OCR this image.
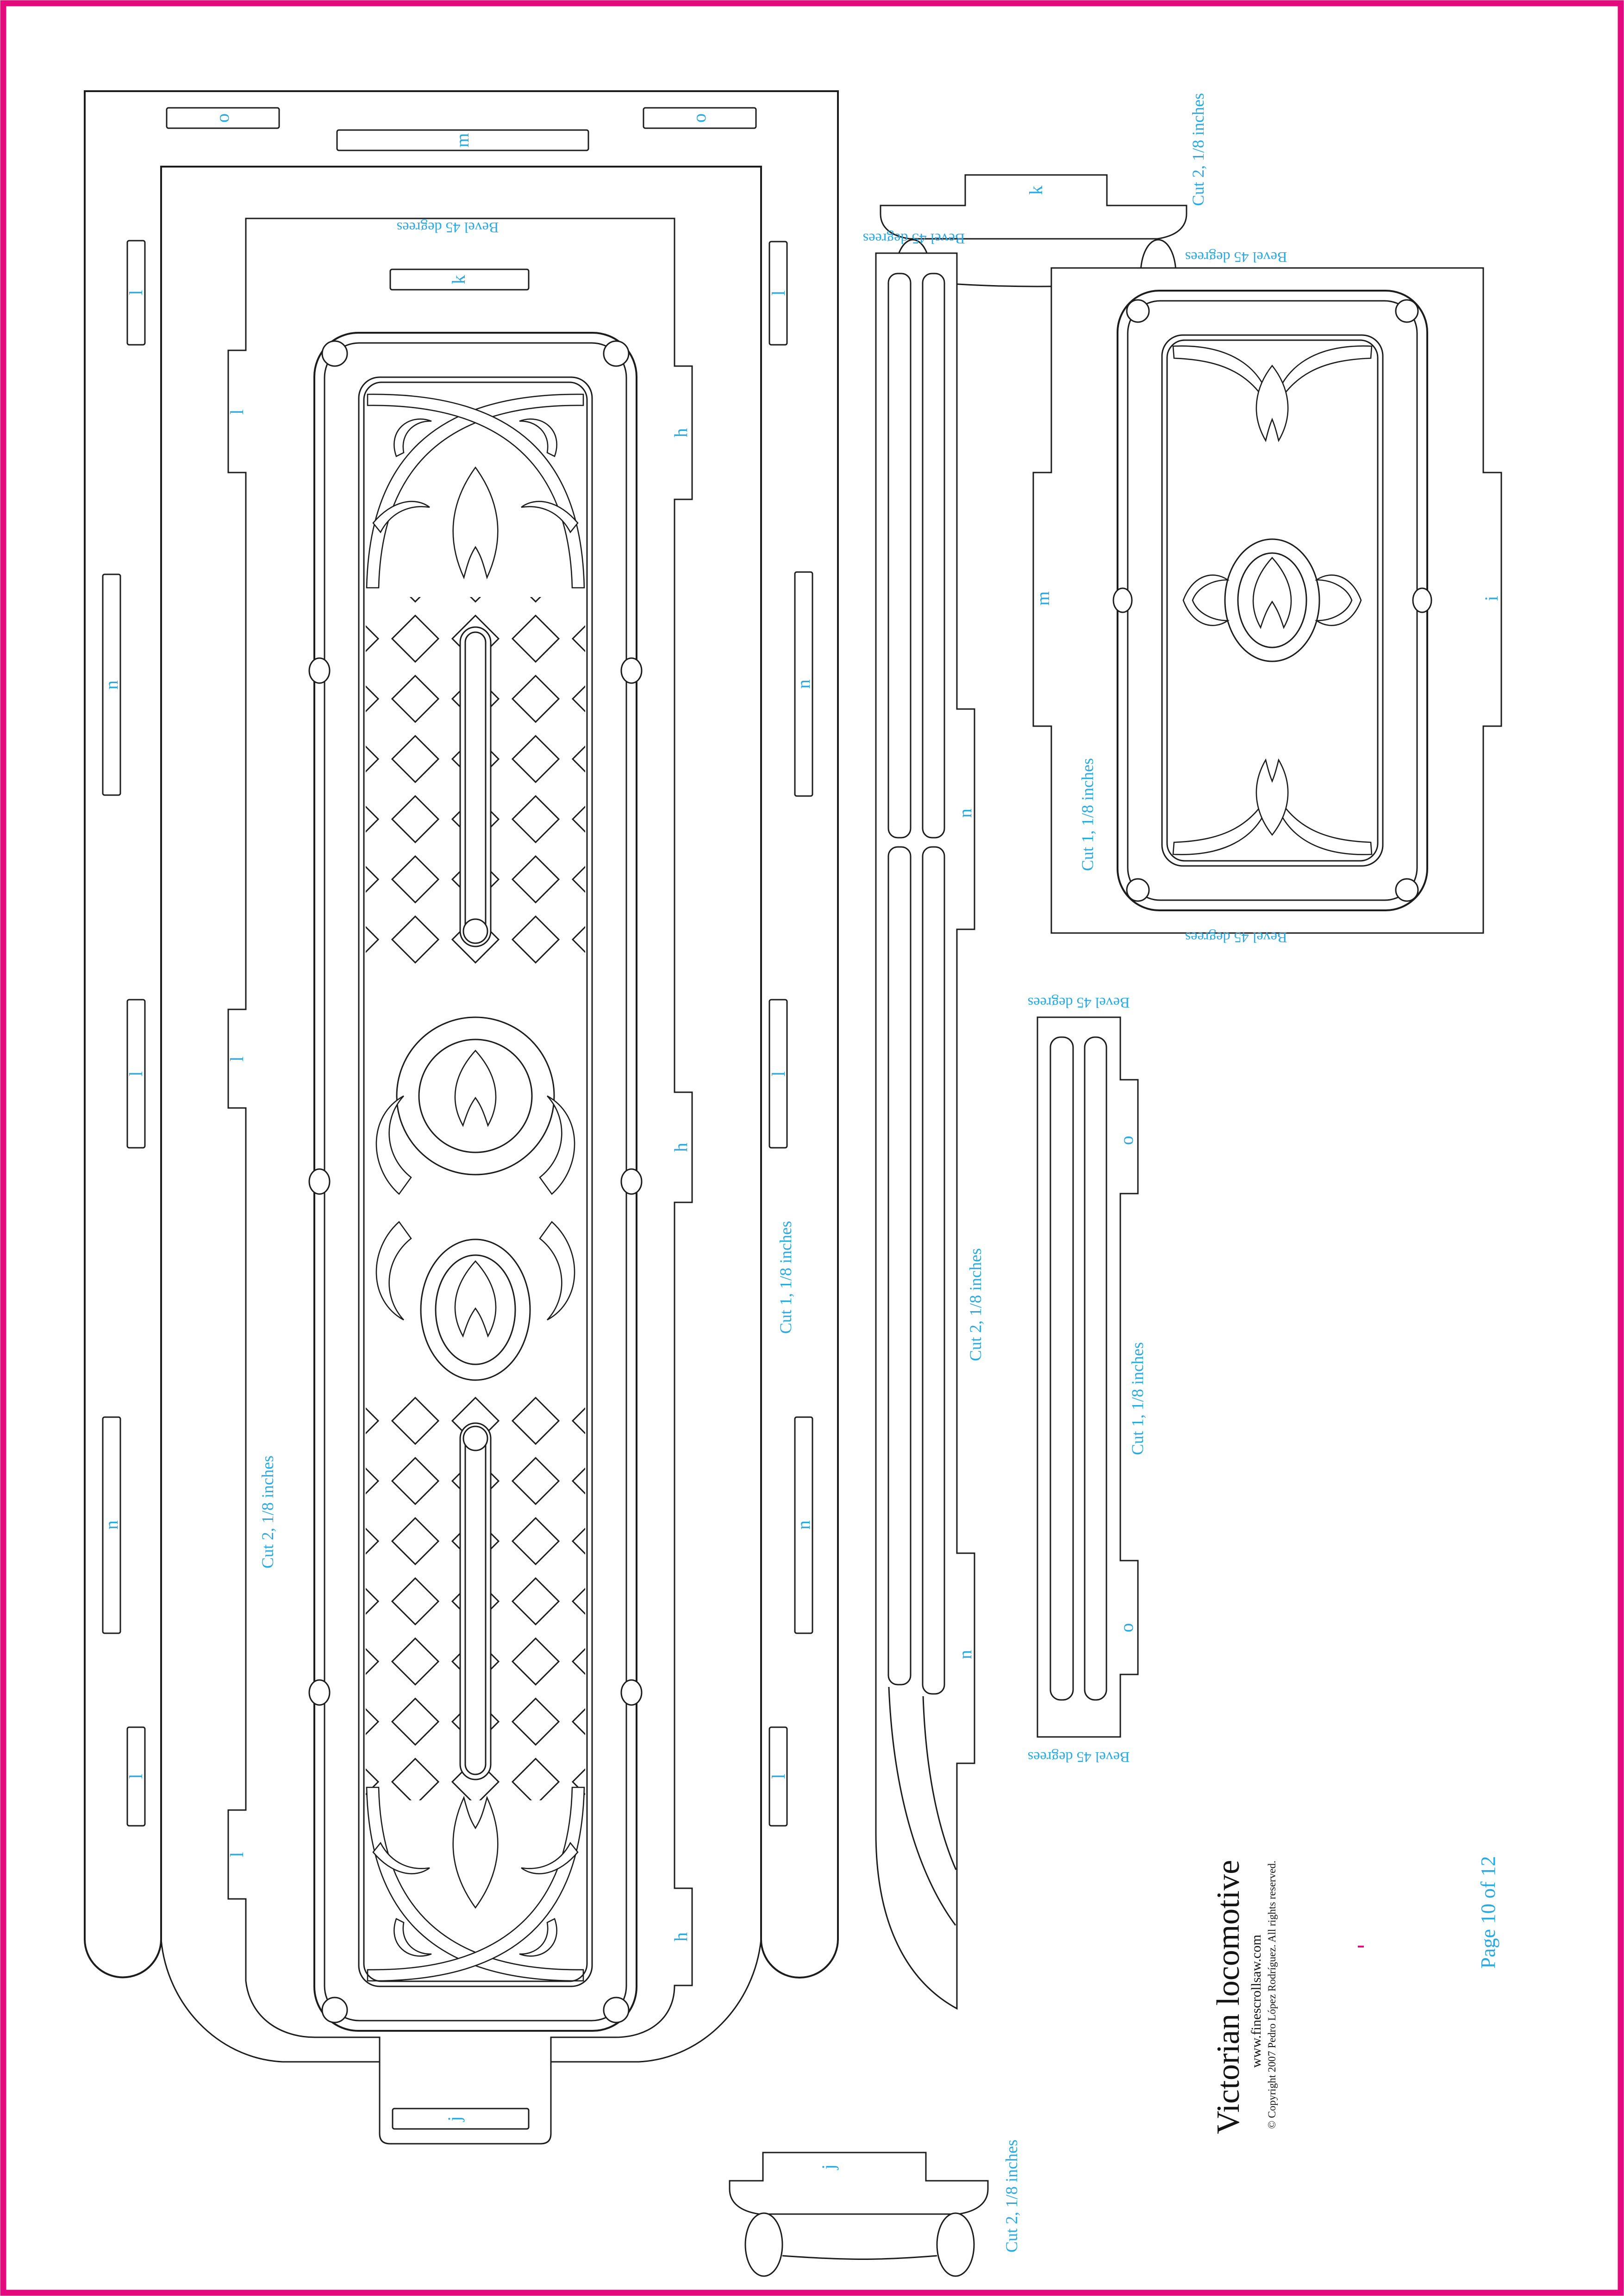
o
m
o
l
n
l
n
l
l
n
l
n
l
Cut 1, 1/8 inches
Bevel 45 degrees
k
j
l
l
l
h
h
h
Cut 2, 1/8 inches
k	Cut 2, 1/8 inches
j	Cut 2, 1/8 inches
Bevel 45 degrees
n
n
Cut 2, 1/8 inches
Bevel 45 degrees
Bevel 45 degrees
o
o
Cut 1, 1/8 inches
Bevel 45 degrees
Bevel 45 degrees
m	i
Cut 1, 1/8 inches
Victorian locomotive www.finescrollsaw.com © Copyright 2007 Pedro López Rodríguez. All rights reserved.	Page 10 of 12
